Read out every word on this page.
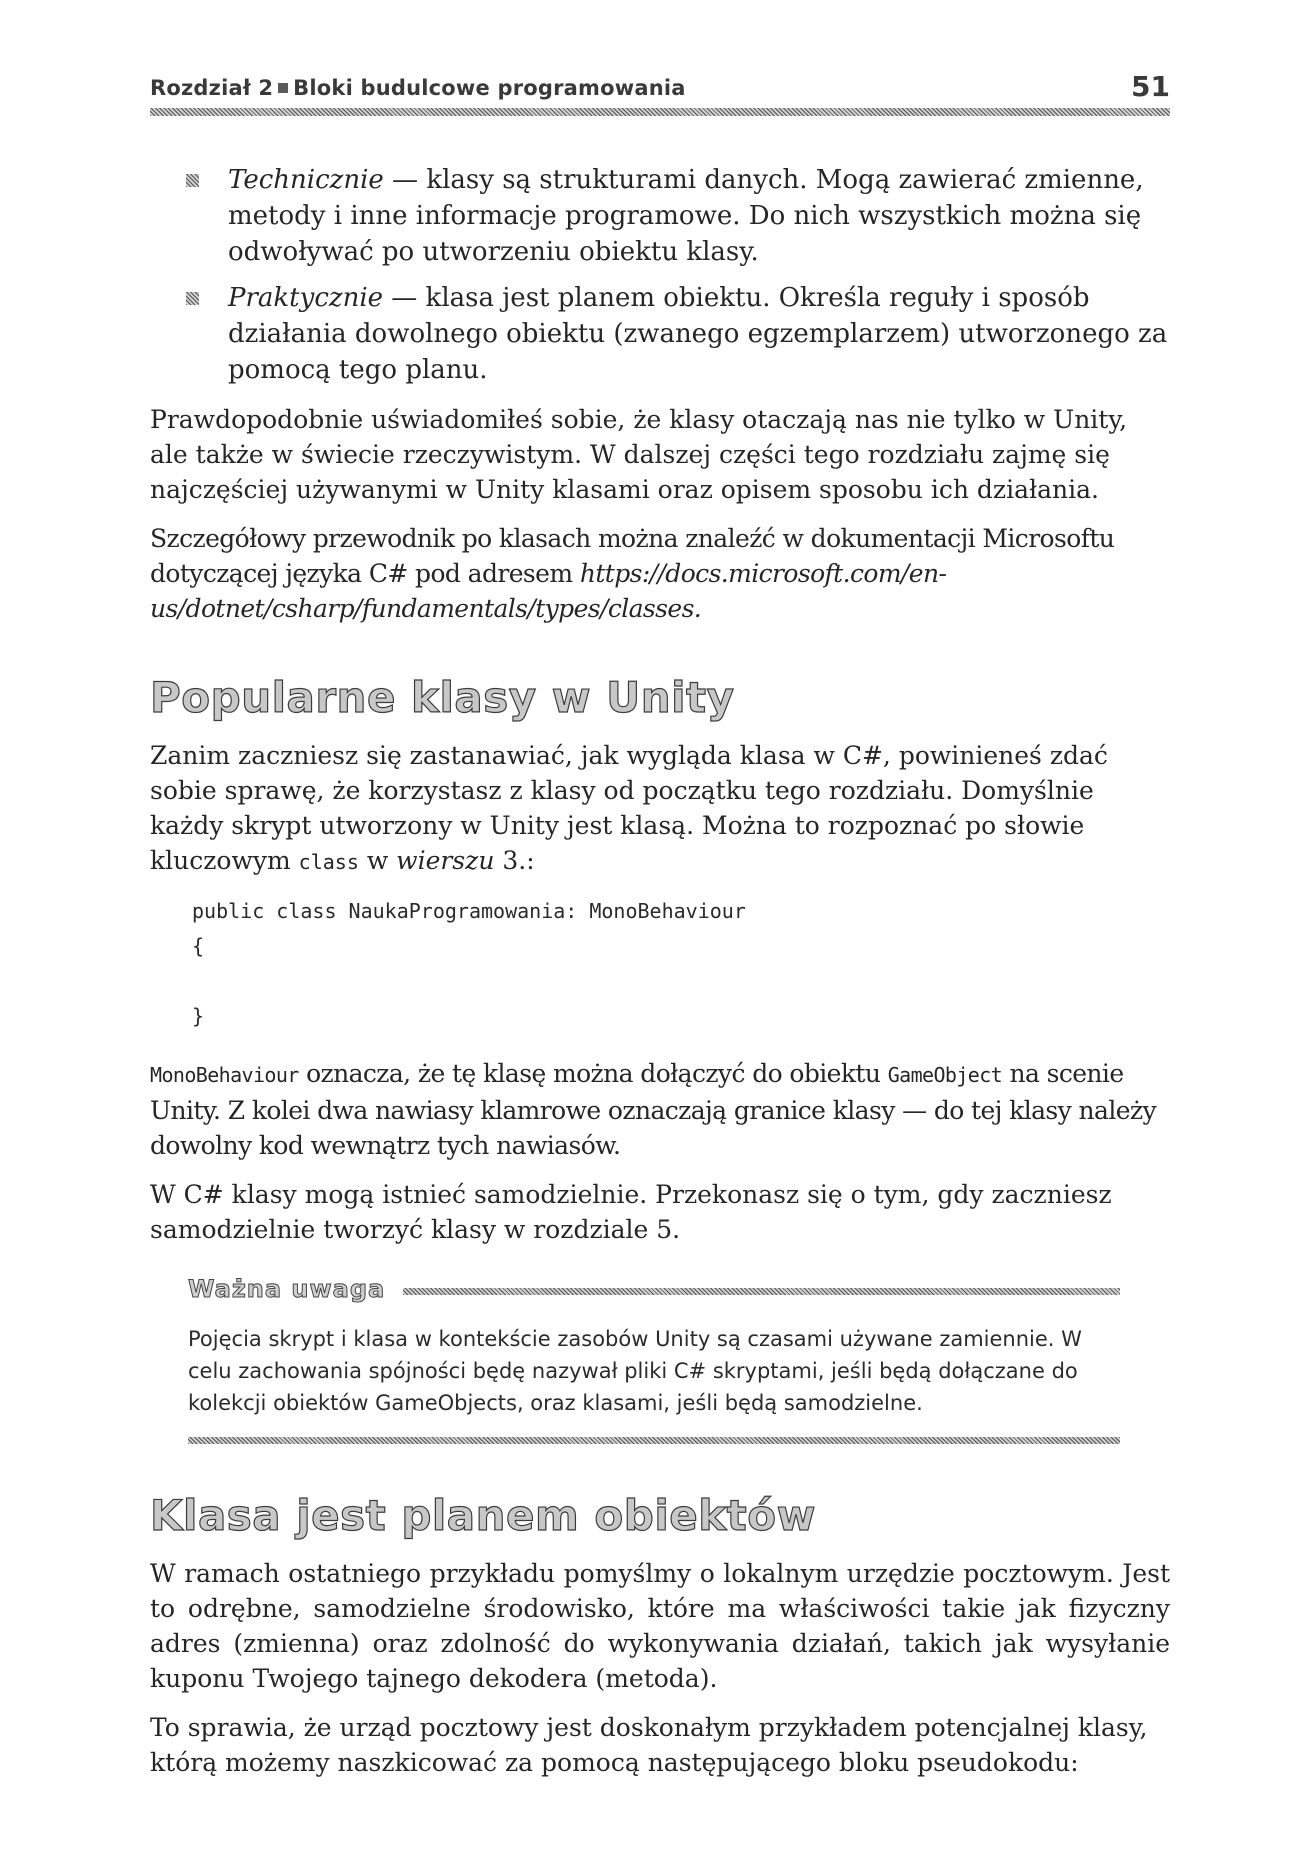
Rozdział 2 Bloki budulcowe programowania	51
Technicznie — klasy są strukturami danych. Mogą zawierać zmienne, metody i inne informacje programowe. Do nich wszystkich można się odwoływać po utworzeniu obiektu klasy.
Praktycznie — klasa jest planem obiektu. Określa reguły i sposób działania dowolnego obiektu (zwanego egzemplarzem) utworzonego za pomocą tego planu.

Prawdopodobnie uświadomiłeś sobie, że klasy otaczają nas nie tylko w Unity, ale także w świecie rzeczywistym. W dalszej części tego rozdziału zajmę się najczęściej używanymi w Unity klasami oraz opisem sposobu ich działania.

Szczegółowy przewodnik po klasach można znaleźć w dokumentacji Microsoftu dotyczącej języka C# pod adresem https://docs.microsoft.com/en-us/dotnet/csharp/fundamentals/types/classes.

Popularne klasy w Unity

Zanim zaczniesz się zastanawiać, jak wygląda klasa w C#, powinieneś zdać sobie sprawę, że korzystasz z klasy od początku tego rozdziału. Domyślnie każdy skrypt utworzony w Unity jest klasą. Można to rozpoznać po słowie kluczowym class w wierszu 3.:

public class NaukaProgramowania: MonoBehaviour
{

}

MonoBehaviour oznacza, że tę klasę można dołączyć do obiektu GameObject na scenie Unity. Z kolei dwa nawiasy klamrowe oznaczają granice klasy — do tej klasy należy dowolny kod wewnątrz tych nawiasów.

W C# klasy mogą istnieć samodzielnie. Przekonasz się o tym, gdy zaczniesz samodzielnie tworzyć klasy w rozdziale 5.

Ważna uwaga
Pojęcia skrypt i klasa w kontekście zasobów Unity są czasami używane zamiennie. W celu zachowania spójności będę nazywał pliki C# skryptami, jeśli będą dołączane do kolekcji obiektów GameObjects, oraz klasami, jeśli będą samodzielne.
Klasa jest planem obiektów

W ramach ostatniego przykładu pomyślmy o lokalnym urzędzie pocztowym. Jest to odrębne, samodzielne środowisko, które ma właściwości takie jak fizyczny adres (zmienna) oraz zdolność do wykonywania działań, takich jak wysyłanie kuponu Twojego tajnego dekodera (metoda).

To sprawia, że urząd pocztowy jest doskonałym przykładem potencjalnej klasy, którą możemy naszkicować za pomocą następującego bloku pseudokodu:
